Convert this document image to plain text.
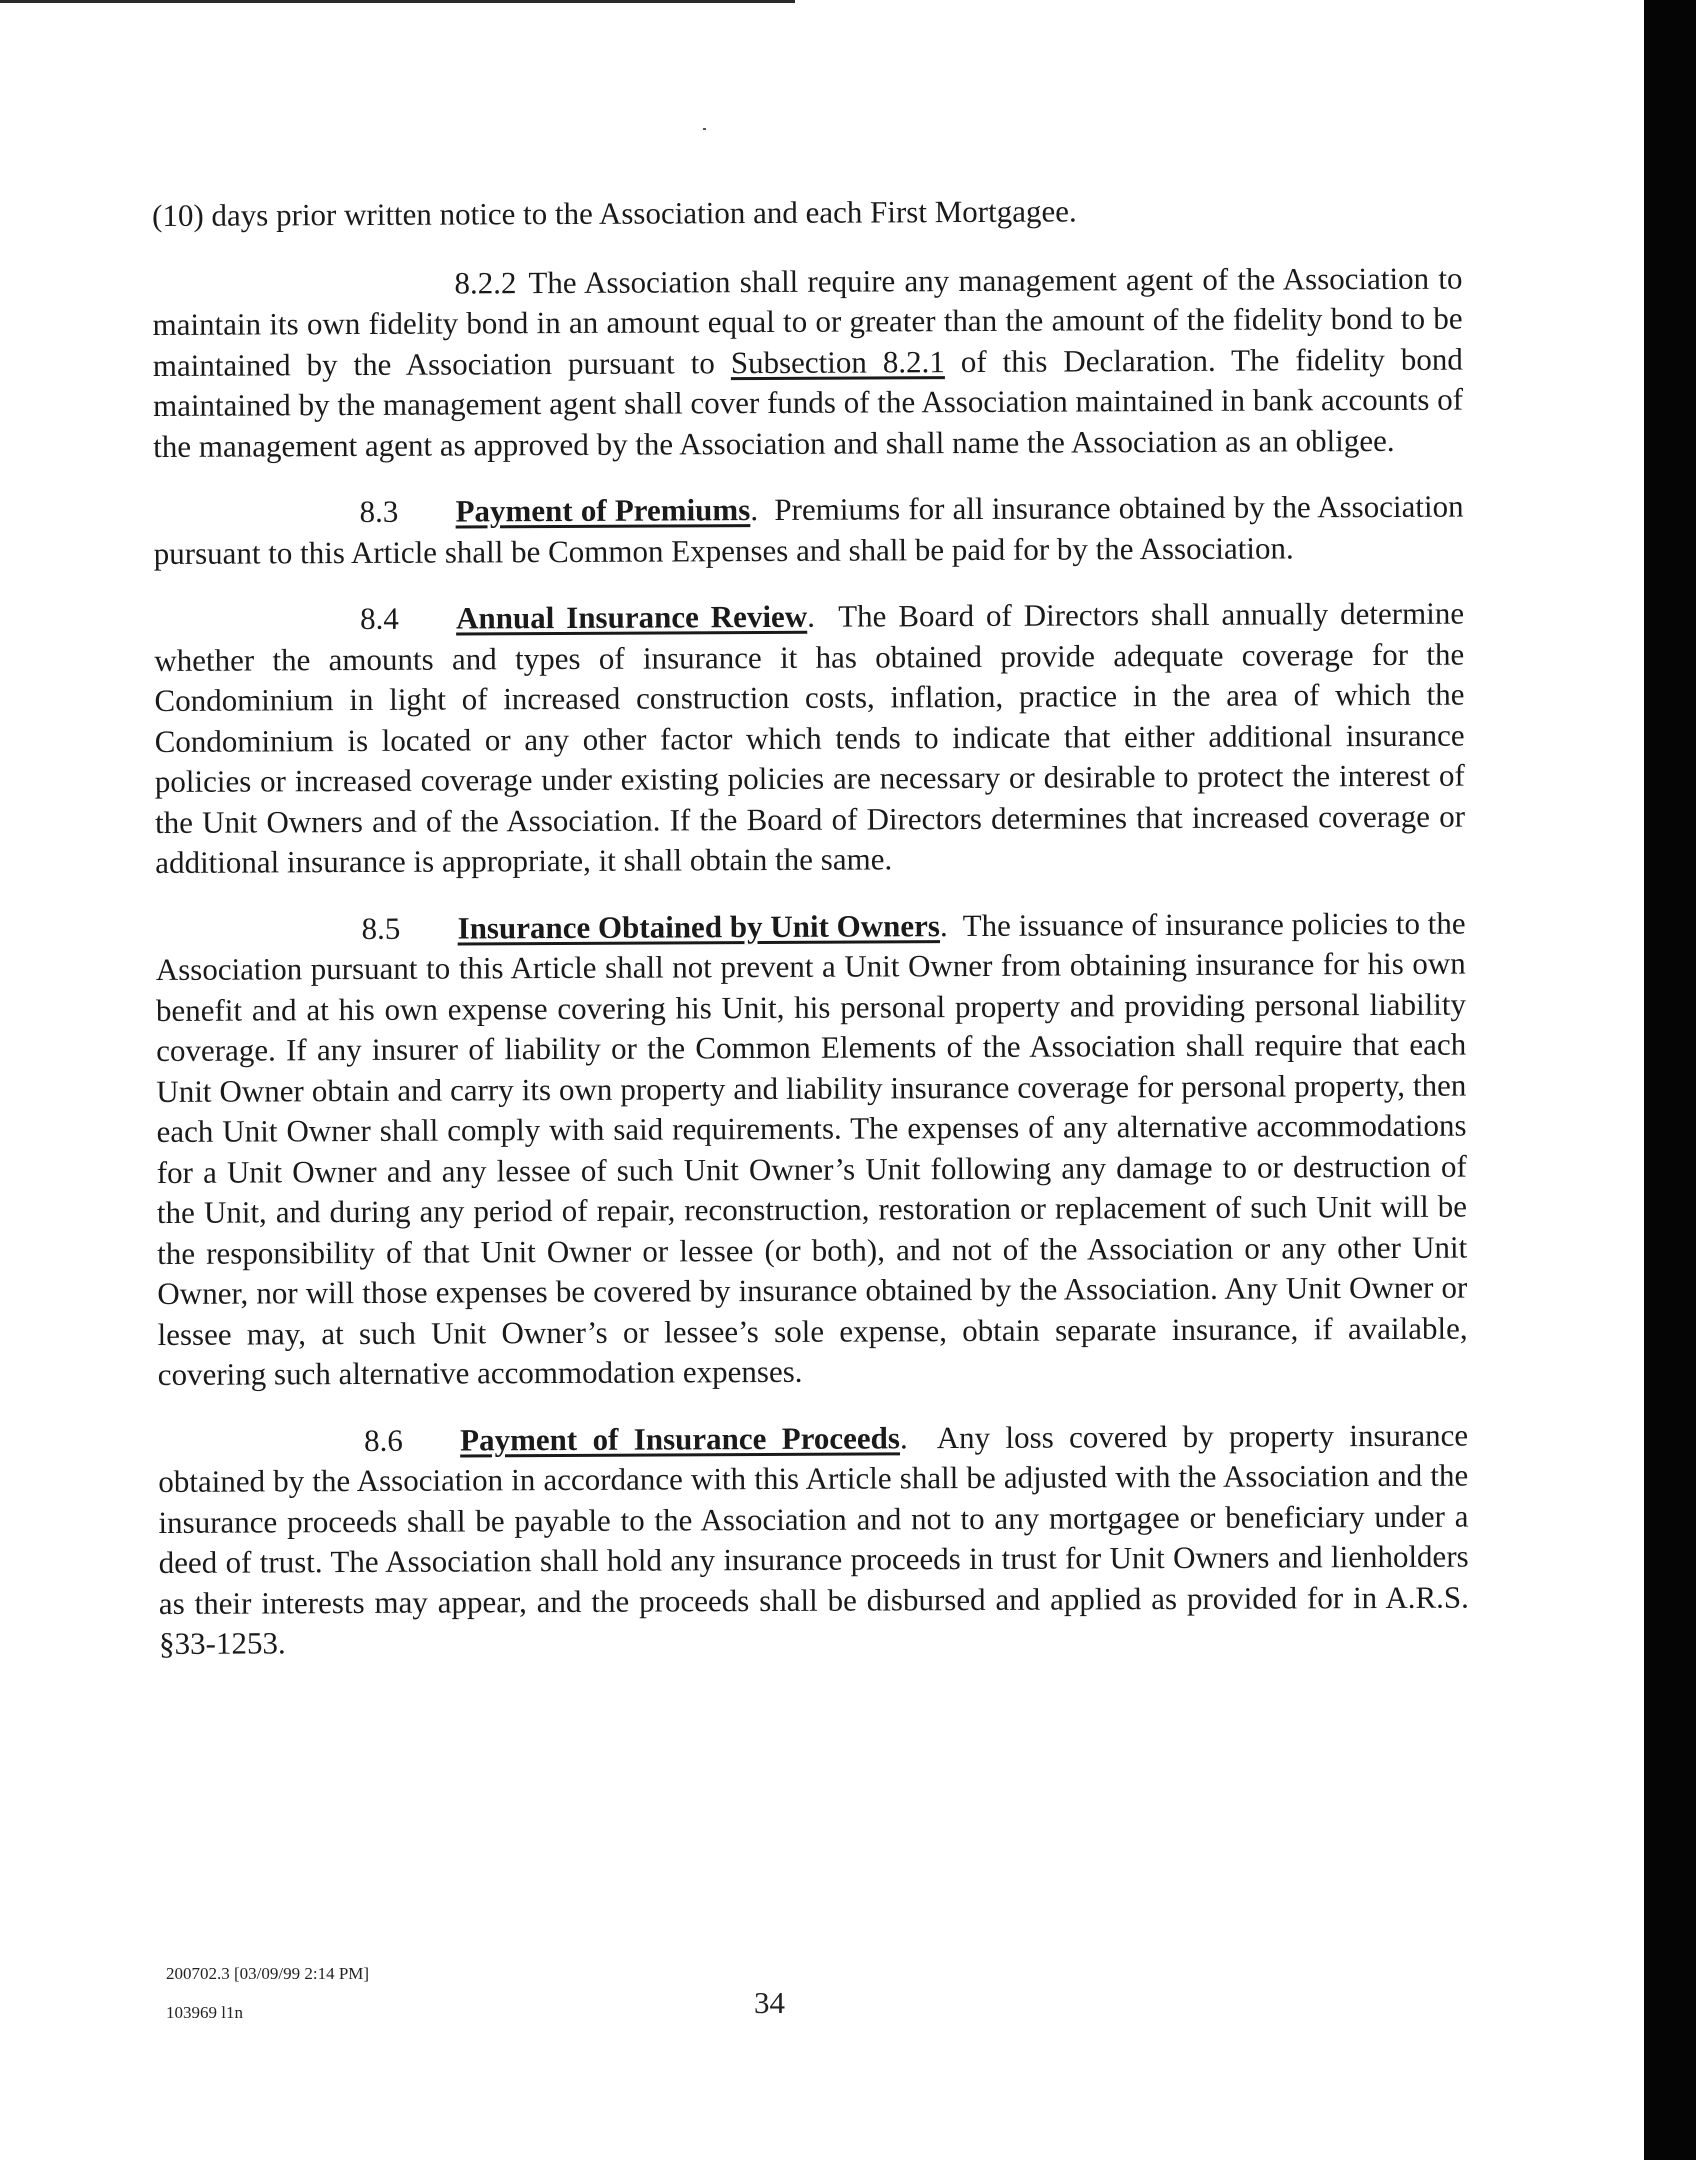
(10) days prior written notice to the Association and each First Mortgagee.

8.2.2 The Association shall require any management agent of the Association to maintain its own fidelity bond in an amount equal to or greater than the amount of the fidelity bond to be maintained by the Association pursuant to Subsection 8.2.1 of this Declaration. The fidelity bond maintained by the management agent shall cover funds of the Association maintained in bank accounts of the management agent as approved by the Association and shall name the Association as an obligee.

8.3 Payment of Premiums. Premiums for all insurance obtained by the Association pursuant to this Article shall be Common Expenses and shall be paid for by the Association.

8.4 Annual Insurance Review. The Board of Directors shall annually determine whether the amounts and types of insurance it has obtained provide adequate coverage for the Condominium in light of increased construction costs, inflation, practice in the area of which the Condominium is located or any other factor which tends to indicate that either additional insurance policies or increased coverage under existing policies are necessary or desirable to protect the interest of the Unit Owners and of the Association. If the Board of Directors determines that increased coverage or additional insurance is appropriate, it shall obtain the same.

8.5 Insurance Obtained by Unit Owners. The issuance of insurance policies to the Association pursuant to this Article shall not prevent a Unit Owner from obtaining insurance for his own benefit and at his own expense covering his Unit, his personal property and providing personal liability coverage. If any insurer of liability or the Common Elements of the Association shall require that each Unit Owner obtain and carry its own property and liability insurance coverage for personal property, then each Unit Owner shall comply with said requirements. The expenses of any alternative accommodations for a Unit Owner and any lessee of such Unit Owner’s Unit following any damage to or destruction of the Unit, and during any period of repair, reconstruction, restoration or replacement of such Unit will be the responsibility of that Unit Owner or lessee (or both), and not of the Association or any other Unit Owner, nor will those expenses be covered by insurance obtained by the Association. Any Unit Owner or lessee may, at such Unit Owner’s or lessee’s sole expense, obtain separate insurance, if available, covering such alternative accommodation expenses.

8.6 Payment of Insurance Proceeds. Any loss covered by property insurance obtained by the Association in accordance with this Article shall be adjusted with the Association and the insurance proceeds shall be payable to the Association and not to any mortgagee or beneficiary under a deed of trust. The Association shall hold any insurance proceeds in trust for Unit Owners and lienholders as their interests may appear, and the proceeds shall be disbursed and applied as provided for in A.R.S. §33-1253.

200702.3 [03/09/99 2:14 PM]
103969 l1n	34
